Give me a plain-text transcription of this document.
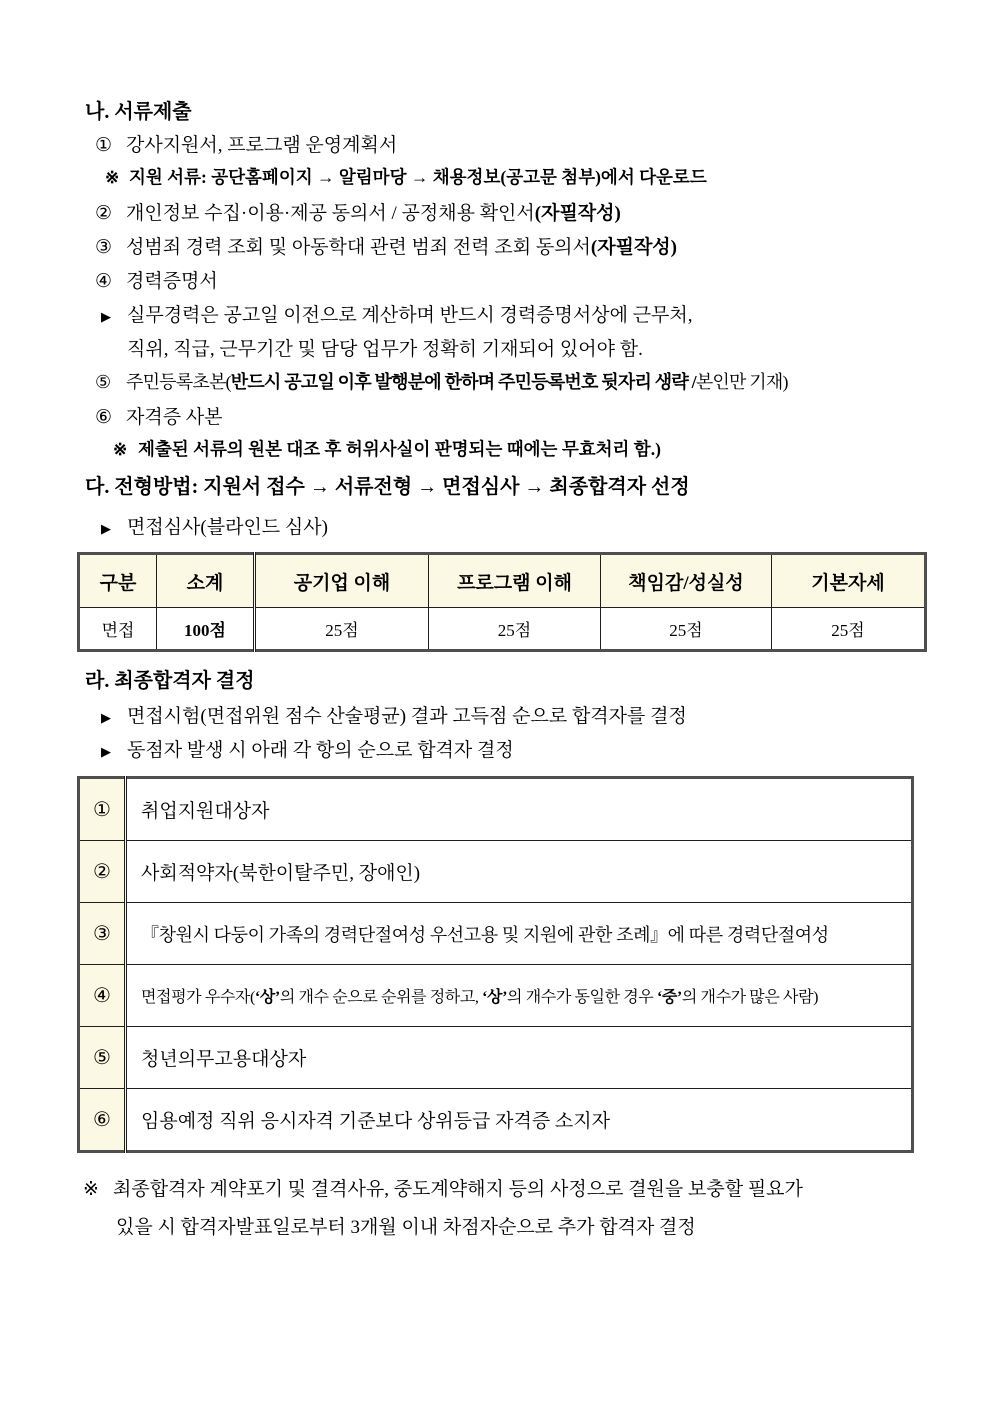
나. 서류제출
① 강사지원서, 프로그램 운영계획서
※ 지원 서류: 공단홈페이지 → 알림마당 → 채용정보(공고문 첨부)에서 다운로드
② 개인정보 수집·이용·제공 동의서 / 공정채용 확인서 (자필작성)
③ 성범죄 경력 조회 및 아동학대 관련 범죄 전력 조회 동의서 (자필작성)
④ 경력증명서
▶ 실무경력은 공고일 이전으로 계산하며 반드시 경력증명서상에 근무처,
직위, 직급, 근무기간 및 담당 업무가 정확히 기재되어 있어야 함.
⑤ 주민등록초본( 반드시 공고일 이후 발행분에 한하며 주민등록번호 뒷자리 생략 / 본인만 기재)
⑥ 자격증 사본
※ 제출된 서류의 원본 대조 후 허위사실이 판명되는 때에는 무효처리 함.)
다. 전형방법: 지원서 접수 → 서류전형 → 면접심사 → 최종합격자 선정
▶ 면접심사(블라인드 심사)
구분	소계	공기업 이해	프로그램 이해	책임감/성실성	기본자세
면접	100점	25점	25점	25점	25점
라. 최종합격자 결정
▶ 면접시험(면접위원 점수 산술평균) 결과 고득점 순으로 합격자를 결정
▶ 동점자 발생 시 아래 각 항의 순으로 합격자 결정
①	취업지원대상자
②	사회적약자(북한이탈주민, 장애인)
③	『창원시 다둥이 가족의 경력단절여성 우선고용 및 지원에 관한 조례』에 따른 경력단절여성
④	면접평가 우수자(‘상’의 개수 순으로 순위를 정하고, ‘상’의 개수가 동일한 경우 ‘중’의 개수가 많은 사람)
⑤	청년의무고용대상자
⑥	임용예정 직위 응시자격 기준보다 상위등급 자격증 소지자
※ 최종합격자 계약포기 및 결격사유, 중도계약해지 등의 사정으로 결원을 보충할 필요가
있을 시 합격자발표일로부터 3개월 이내 차점자순으로 추가 합격자 결정
